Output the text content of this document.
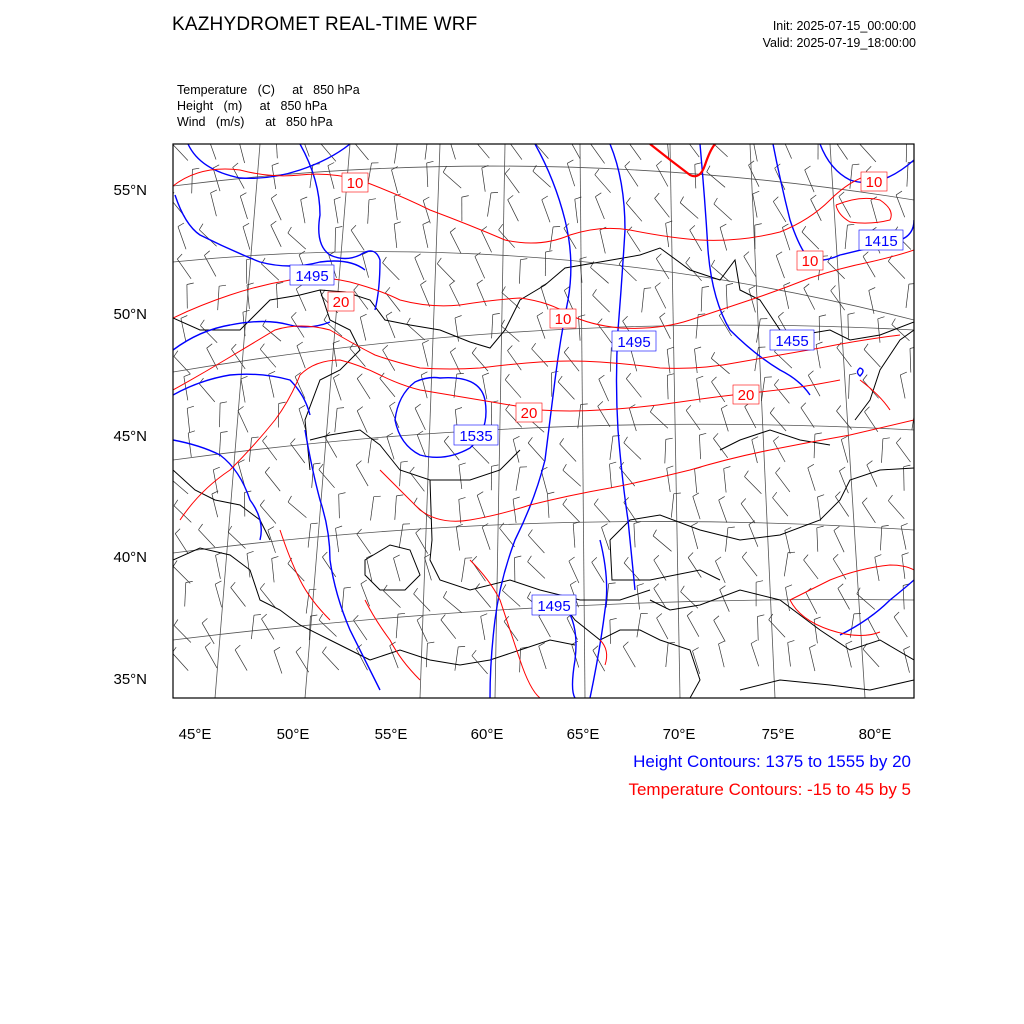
KAZHYDROMET REAL-TIME WRF	Init: 2025-07-15_00:00:00
Valid: 2025-07-19_18:00:00
Temperature   (C)     at   850 hPa
Height   (m)     at   850 hPa
Wind   (m/s)      at   850 hPa
1495
1535
1495
1495	1455
1415
10
20
10
20
20
10
10
55°N
50°N
45°N
40°N
35°N
45°E	50°E	55°E	60°E	65°E	70°E	75°E	80°E
Height Contours: 1375 to 1555 by 20
Temperature Contours: -15 to 45 by 5
